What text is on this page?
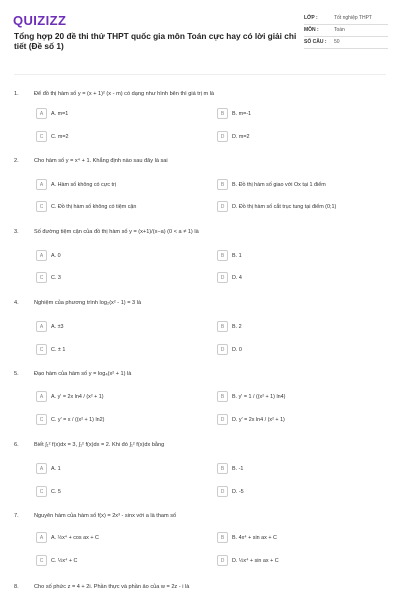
QUIZIZZ
Tổng hợp 20 đề thi thử THPT quốc gia môn Toán cực hay có lời giải chi tiết (Đề số 1)
LỚP :	Tốt nghiệp THPT
MÔN :	Toán
SỐ CÂU :	50
1.	Để đồ thị hàm số y = (x + 1)² (x - m) có dạng như hình bên thì giá trị m là
A	A. m=1	B	B. m=-1
C	C. m=2	D	D. m=2
2.	Cho hàm số y = x⁴ + 1. Khẳng định nào sau đây là sai
A	A. Hàm số không có cực trị	B	B. Đồ thị hàm số giao với Ox tại 1 điểm
C	C. Đồ thị hàm số không có tiệm cận	D	D. Đồ thị hàm số cắt trục tung tại điểm (0;1)
3.	Số đường tiệm cận của đồ thị hàm số y = (x+1)/(x−a) (0 < a ≠ 1) là
A	A. 0	B	B. 1
C	C. 3	D	D. 4
4.	Nghiệm của phương trình log₂(x² - 1) = 3 là
A	A. ±3	B	B. 2
C	C. ± 1	D	D. 0
5.	Đạo hàm của hàm số y = log₄(x² + 1) là
A	A. y' = 2x ln4 / (x² + 1)	B	B. y' = 1 / ((x² + 1) ln4)
C	C. y' = x / ((x² + 1) ln2)	D	D. y' = 2x ln4 / (x² + 1)
6.	Biết ∫₁² f(x)dx = 3, ∫₁² f(x)dx = 2. Khi đó ∫₁² f(x)dx bằng
A	A. 1	B	B. -1
C	C. 5	D	D. -5
7.	Nguyên hàm của hàm số f(x) = 2x³ - sinx với a là tham số
A	A. ½x⁴ + cos ax + C	B	B. 4x⁴ + sin ax + C
C	C. ½x⁴ + C	D	D. ½x⁴ + sin ax + C
8.	Cho số phức z = 4 + 2i. Phần thực và phần ảo của w = 2z - i là
